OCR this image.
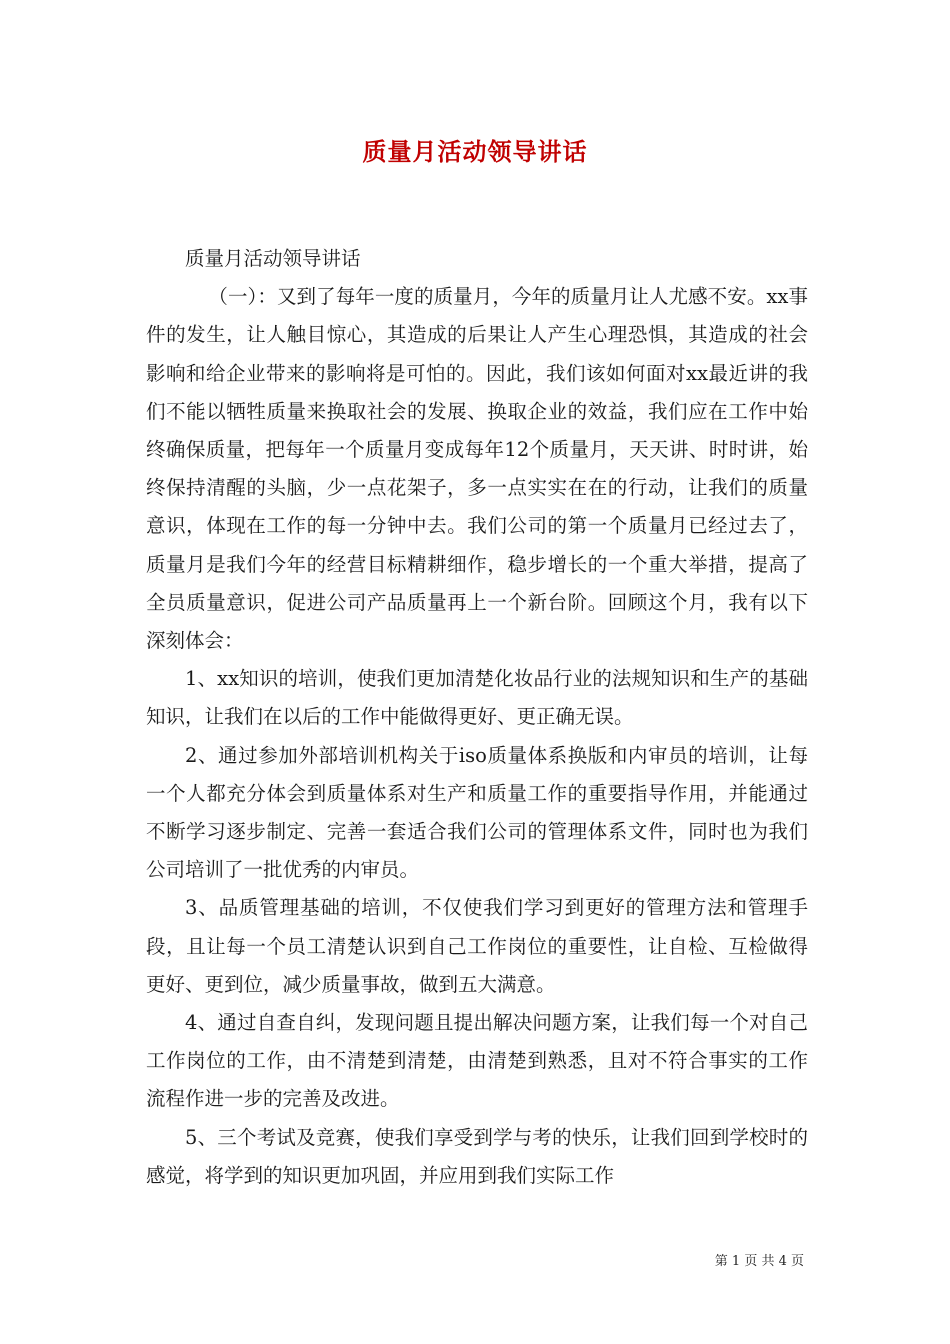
质量月活动领导讲话

质量月活动领导讲话

（一）：又到了每年一度的质量月，今年的质量月让人尤感不安。xx事件的发生，让人触目惊心，其造成的后果让人产生心理恐惧，其造成的社会影响和给企业带来的影响将是可怕的。因此，我们该如何面对xx最近讲的我们不能以牺牲质量来换取社会的发展、换取企业的效益，我们应在工作中始终确保质量，把每年一个质量月变成每年12个质量月，天天讲、时时讲，始终保持清醒的头脑，少一点花架子，多一点实实在在的行动，让我们的质量意识，体现在工作的每一分钟中去。我们公司的第一个质量月已经过去了，质量月是我们今年的经营目标精耕细作，稳步增长的一个重大举措，提高了全员质量意识，促进公司产品质量再上一个新台阶。回顾这个月，我有以下深刻体会：

1、xx知识的培训，使我们更加清楚化妆品行业的法规知识和生产的基础知识，让我们在以后的工作中能做得更好、更正确无误。

2、通过参加外部培训机构关于iso质量体系换版和内审员的培训，让每一个人都充分体会到质量体系对生产和质量工作的重要指导作用，并能通过不断学习逐步制定、完善一套适合我们公司的管理体系文件，同时也为我们公司培训了一批优秀的内审员。

3、品质管理基础的培训，不仅使我们学习到更好的管理方法和管理手段，且让每一个员工清楚认识到自己工作岗位的重要性，让自检、互检做得更好、更到位，减少质量事故，做到五大满意。

4、通过自查自纠，发现问题且提出解决问题方案，让我们每一个对自己工作岗位的工作，由不清楚到清楚，由清楚到熟悉，且对不符合事实的工作流程作进一步的完善及改进。

5、三个考试及竞赛，使我们享受到学与考的快乐，让我们回到学校时的感觉，将学到的知识更加巩固，并应用到我们实际工作

第 1 页 共 4 页
